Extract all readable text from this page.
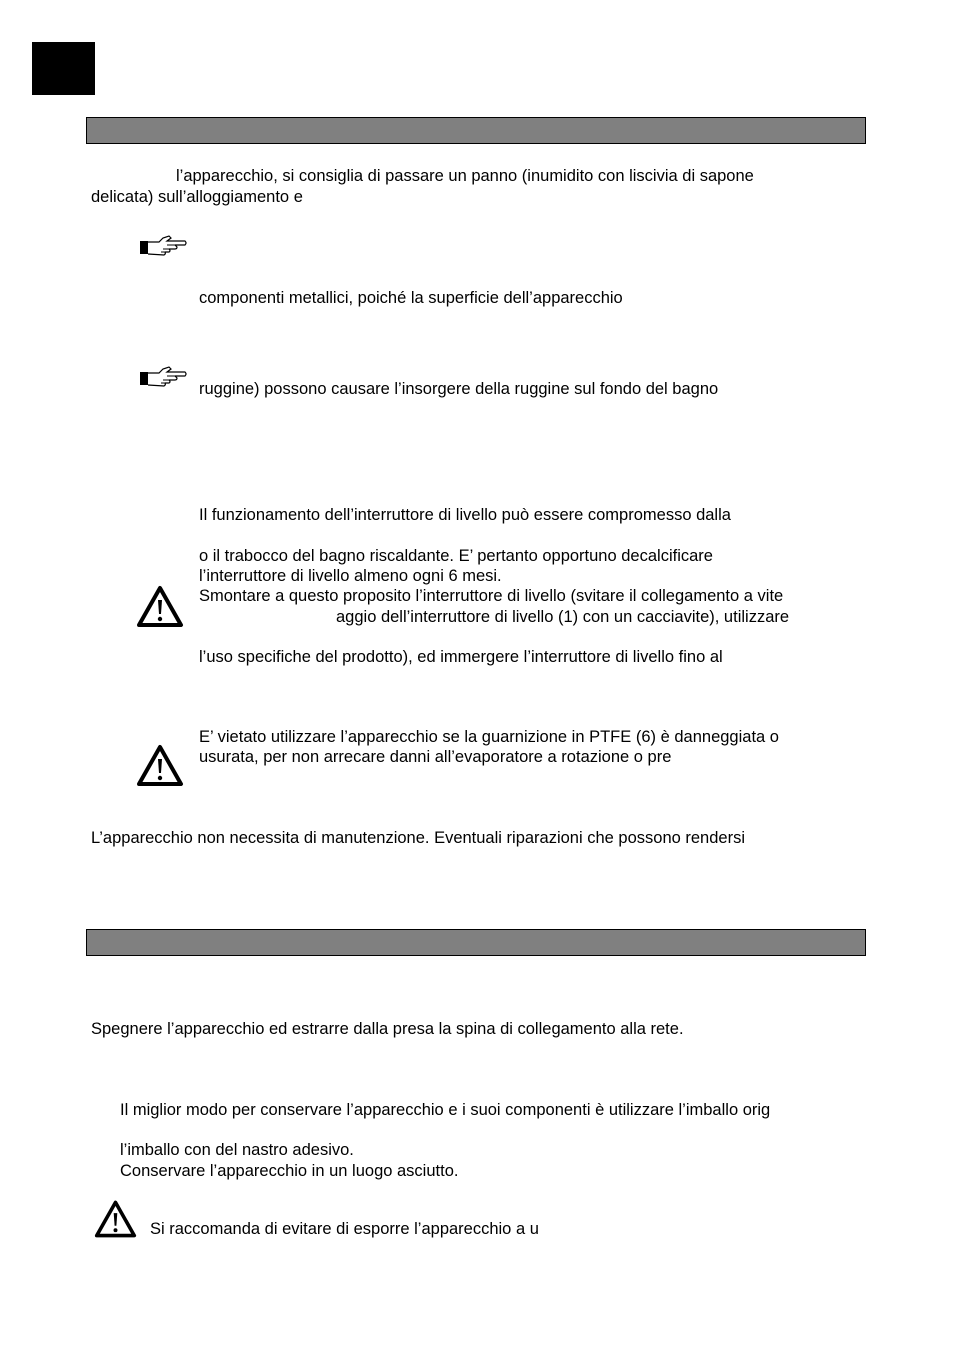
l’apparecchio, si consiglia di passare un panno (inumidito con liscivia di sapone
delicata) sull’alloggiamento e
componenti metallici, poiché la superficie dell’apparecchio
ruggine) possono causare l’insorgere della ruggine sul fondo del bagno
Il funzionamento dell’interruttore di livello può essere compromesso dalla
o il trabocco del bagno riscaldante. E’ pertanto opportuno decalcificare
l’interruttore di livello almeno ogni 6 mesi.
Smontare a questo proposito l’interruttore di livello (svitare il collegamento a vite
aggio dell’interruttore di livello (1) con un cacciavite), utilizzare
l’uso specifiche del prodotto), ed immergere l’interruttore di livello fino al
E’ vietato utilizzare l’apparecchio se la guarnizione in PTFE (6) è danneggiata o
usurata, per non arrecare danni all’evaporatore a rotazione o pre
L’apparecchio non necessita di manutenzione. Eventuali riparazioni che possono rendersi
Spegnere l’apparecchio ed estrarre dalla presa la spina di collegamento alla rete.
Il miglior modo per conservare l’apparecchio e i suoi componenti è utilizzare l’imballo orig
l’imballo con del nastro adesivo.
Conservare l’apparecchio in un luogo asciutto.
Si raccomanda di evitare di esporre l’apparecchio a u
